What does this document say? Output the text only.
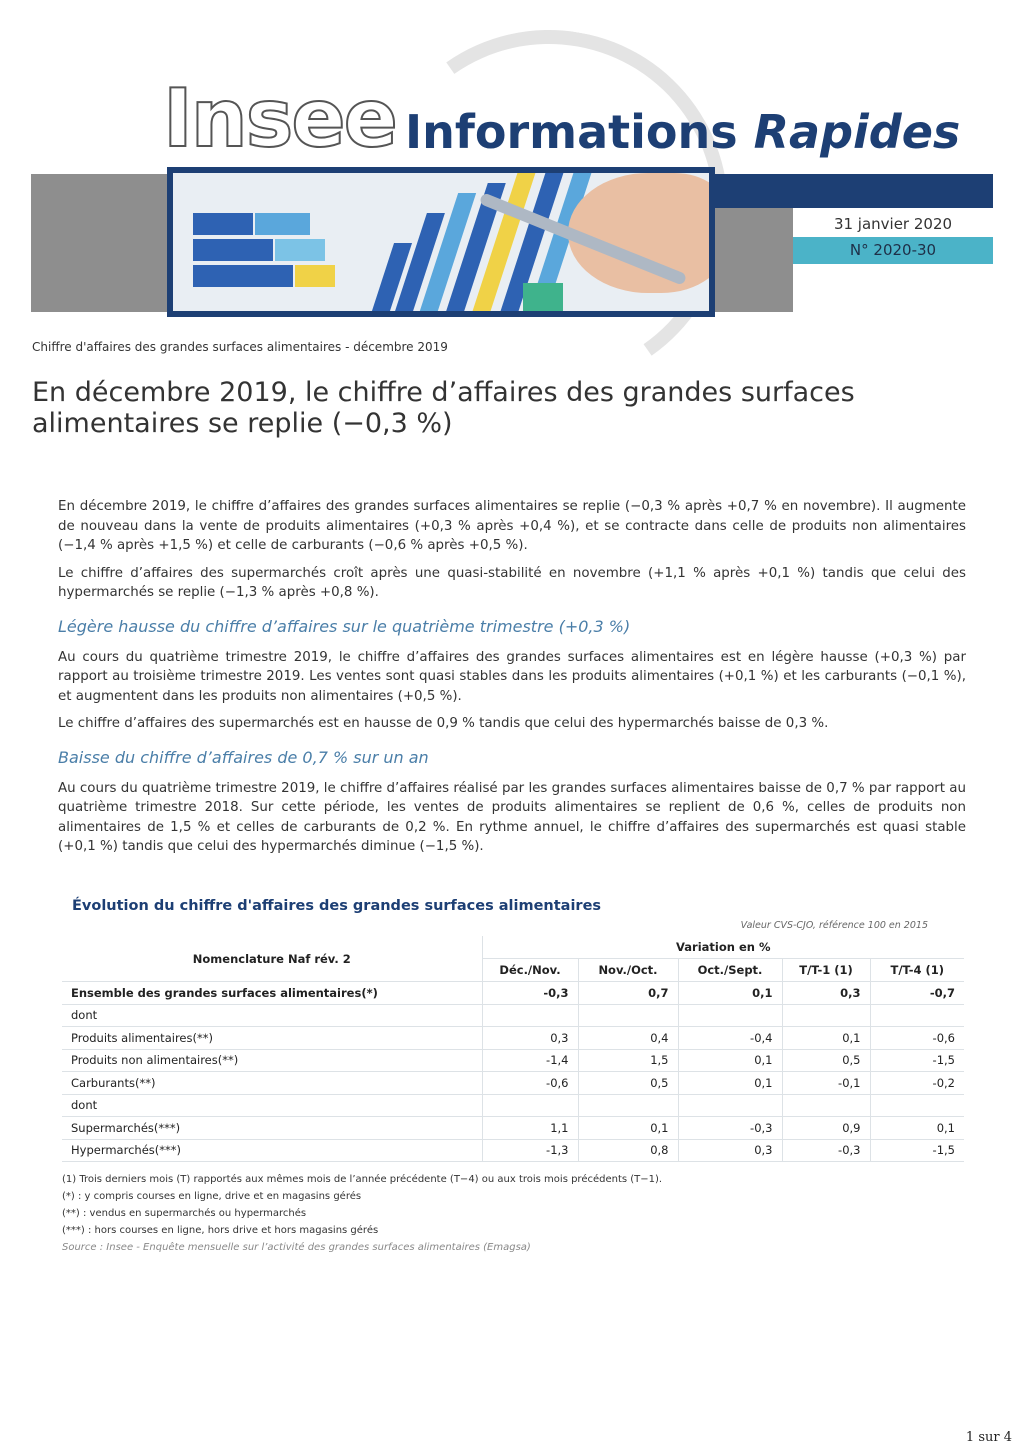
31 janvier 2020
N° 2020-30
Insee Informations Rapides
Chiffre d'affaires des grandes surfaces alimentaires - décembre 2019
En décembre 2019, le chiffre d’affaires des grandes surfaces alimentaires se replie (−0,3 %)

En décembre 2019, le chiffre d’affaires des grandes surfaces alimentaires se replie (−0,3 % après +0,7 % en novembre). Il augmente de nouveau dans la vente de produits alimentaires (+0,3 % après +0,4 %), et se contracte dans celle de produits non alimentaires (−1,4 % après +1,5 %) et celle de carburants (−0,6 % après +0,5 %).

Le chiffre d’affaires des supermarchés croît après une quasi-stabilité en novembre (+1,1 % après +0,1 %) tandis que celui des hypermarchés se replie (−1,3 % après +0,8 %).

Légère hausse du chiffre d’affaires sur le quatrième trimestre (+0,3 %)

Au cours du quatrième trimestre 2019, le chiffre d’affaires des grandes surfaces alimentaires est en légère hausse (+0,3 %) par rapport au troisième trimestre 2019. Les ventes sont quasi stables dans les produits alimentaires (+0,1 %) et les carburants (−0,1 %), et augmentent dans les produits non alimentaires (+0,5 %).

Le chiffre d’affaires des supermarchés est en hausse de 0,9 % tandis que celui des hypermarchés baisse de 0,3 %.

Baisse du chiffre d’affaires de 0,7 % sur un an

Au cours du quatrième trimestre 2019, le chiffre d’affaires réalisé par les grandes surfaces alimentaires baisse de 0,7 % par rapport au quatrième trimestre 2018. Sur cette période, les ventes de produits alimentaires se replient de 0,6 %, celles de produits non alimentaires de 1,5 % et celles de carburants de 0,2 %. En rythme annuel, le chiffre d’affaires des supermarchés est quasi stable (+0,1 %) tandis que celui des hypermarchés diminue (−1,5 %).

Évolution du chiffre d'affaires des grandes surfaces alimentaires
Valeur CVS-CJO, référence 100 en 2015
Nomenclature Naf rév. 2	Variation en %				
	Déc./Nov.	Nov./Oct.	Oct./Sept.	T/T-1 (1)	T/T-4 (1)
Ensemble des grandes surfaces alimentaires(*)	-0,3	0,7	0,1	0,3	-0,7
dont					
Produits alimentaires(**)	0,3	0,4	-0,4	0,1	-0,6
Produits non alimentaires(**)	-1,4	1,5	0,1	0,5	-1,5
Carburants(**)	-0,6	0,5	0,1	-0,1	-0,2
dont					
Supermarchés(***)	1,1	0,1	-0,3	0,9	0,1
Hypermarchés(***)	-1,3	0,8	0,3	-0,3	-1,5
(1) Trois derniers mois (T) rapportés aux mêmes mois de l’année précédente (T−4) ou aux trois mois précédents (T−1).
(*) : y compris courses en ligne, drive et en magasins gérés
(**) : vendus en supermarchés ou hypermarchés
(***) : hors courses en ligne, hors drive et hors magasins gérés
Source : Insee - Enquête mensuelle sur l’activité des grandes surfaces alimentaires (Emagsa)
1 sur 4
